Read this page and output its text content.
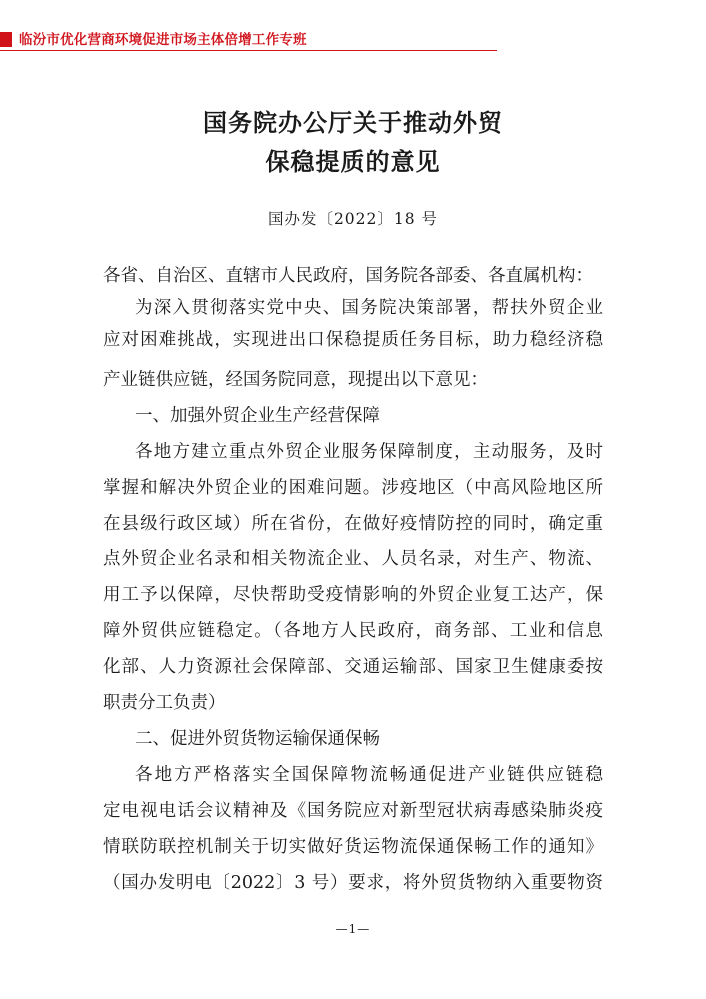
临汾市优化营商环境促进市场主体倍增工作专班
国务院办公厅关于推动外贸
保稳提质的意见
国办发〔2022〕18 号
各省、自治区、直辖市人民政府，国务院各部委、各直属机构：
为深入贯彻落实党中央、国务院决策部署，帮扶外贸企业
应对困难挑战，实现进出口保稳提质任务目标，助力稳经济稳
产业链供应链，经国务院同意，现提出以下意见：
一、加强外贸企业生产经营保障
各地方建立重点外贸企业服务保障制度，主动服务，及时
掌握和解决外贸企业的困难问题。涉疫地区（中高风险地区所
在县级行政区域）所在省份，在做好疫情防控的同时，确定重
点外贸企业名录和相关物流企业、人员名录，对生产、物流、
用工予以保障，尽快帮助受疫情影响的外贸企业复工达产，保
障外贸供应链稳定。（各地方人民政府，商务部、工业和信息
化部、人力资源社会保障部、交通运输部、国家卫生健康委按
职责分工负责）
二、促进外贸货物运输保通保畅
各地方严格落实全国保障物流畅通促进产业链供应链稳
定电视电话会议精神及《国务院应对新型冠状病毒感染肺炎疫
情联防联控机制关于切实做好货运物流保通保畅工作的通知》
（国办发明电〔2022〕3 号）要求，将外贸货物纳入重要物资
—1—
